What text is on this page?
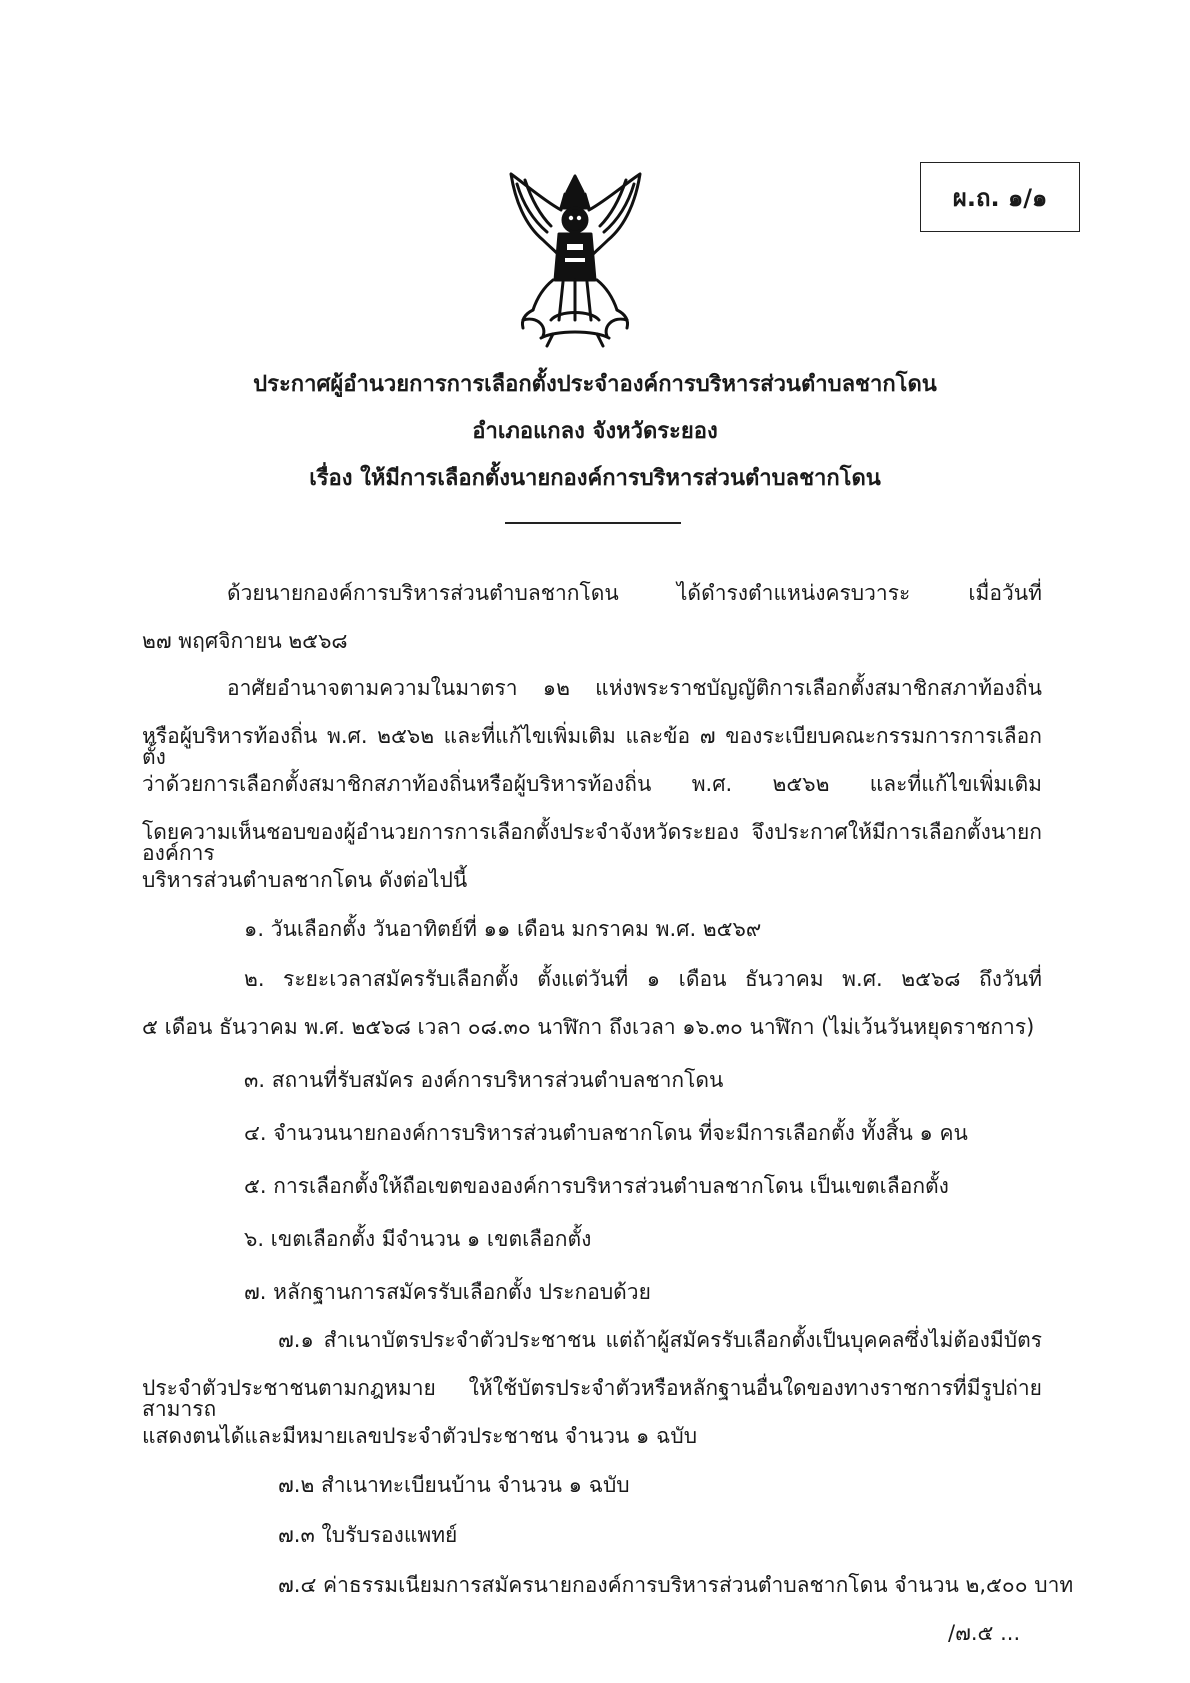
ผ.ถ. ๑/๑
ประกาศผู้อำนวยการการเลือกตั้งประจำองค์การบริหารส่วนตำบลชากโดน
อำเภอแกลง จังหวัดระยอง
เรื่อง ให้มีการเลือกตั้งนายกองค์การบริหารส่วนตำบลชากโดน
ด้วยนายกองค์การบริหารส่วนตำบลชากโดน ได้ดำรงตำแหน่งครบวาระ เมื่อวันที่
๒๗ พฤศจิกายน ๒๕๖๘
อาศัยอำนาจตามความในมาตรา ๑๒ แห่งพระราชบัญญัติการเลือกตั้งสมาชิกสภาท้องถิ่น
หรือผู้บริหารท้องถิ่น พ.ศ. ๒๕๖๒ และที่แก้ไขเพิ่มเติม และข้อ ๗ ของระเบียบคณะกรรมการการเลือกตั้ง
ว่าด้วยการเลือกตั้งสมาชิกสภาท้องถิ่นหรือผู้บริหารท้องถิ่น พ.ศ. ๒๕๖๒ และที่แก้ไขเพิ่มเติม
โดยความเห็นชอบของผู้อำนวยการการเลือกตั้งประจำจังหวัดระยอง จึงประกาศให้มีการเลือกตั้งนายกองค์การ
บริหารส่วนตำบลชากโดน ดังต่อไปนี้
๑. วันเลือกตั้ง วันอาทิตย์ที่ ๑๑ เดือน มกราคม พ.ศ. ๒๕๖๙
๒. ระยะเวลาสมัครรับเลือกตั้ง ตั้งแต่วันที่ ๑ เดือน ธันวาคม พ.ศ. ๒๕๖๘ ถึงวันที่
๕ เดือน ธันวาคม พ.ศ. ๒๕๖๘ เวลา ๐๘.๓๐ นาฬิกา ถึงเวลา ๑๖.๓๐ นาฬิกา (ไม่เว้นวันหยุดราชการ)
๓. สถานที่รับสมัคร องค์การบริหารส่วนตำบลชากโดน
๔. จำนวนนายกองค์การบริหารส่วนตำบลชากโดน ที่จะมีการเลือกตั้ง ทั้งสิ้น ๑ คน
๕. การเลือกตั้งให้ถือเขตขององค์การบริหารส่วนตำบลชากโดน เป็นเขตเลือกตั้ง
๖. เขตเลือกตั้ง มีจำนวน ๑ เขตเลือกตั้ง
๗. หลักฐานการสมัครรับเลือกตั้ง ประกอบด้วย
๗.๑ สำเนาบัตรประจำตัวประชาชน แต่ถ้าผู้สมัครรับเลือกตั้งเป็นบุคคลซึ่งไม่ต้องมีบัตร
ประจำตัวประชาชนตามกฎหมาย ให้ใช้บัตรประจำตัวหรือหลักฐานอื่นใดของทางราชการที่มีรูปถ่าย สามารถ
แสดงตนได้และมีหมายเลขประจำตัวประชาชน จำนวน ๑ ฉบับ
๗.๒ สำเนาทะเบียนบ้าน จำนวน ๑ ฉบับ
๗.๓ ใบรับรองแพทย์
๗.๔ ค่าธรรมเนียมการสมัครนายกองค์การบริหารส่วนตำบลชากโดน จำนวน ๒,๕๐๐ บาท
/๗.๕ ...
